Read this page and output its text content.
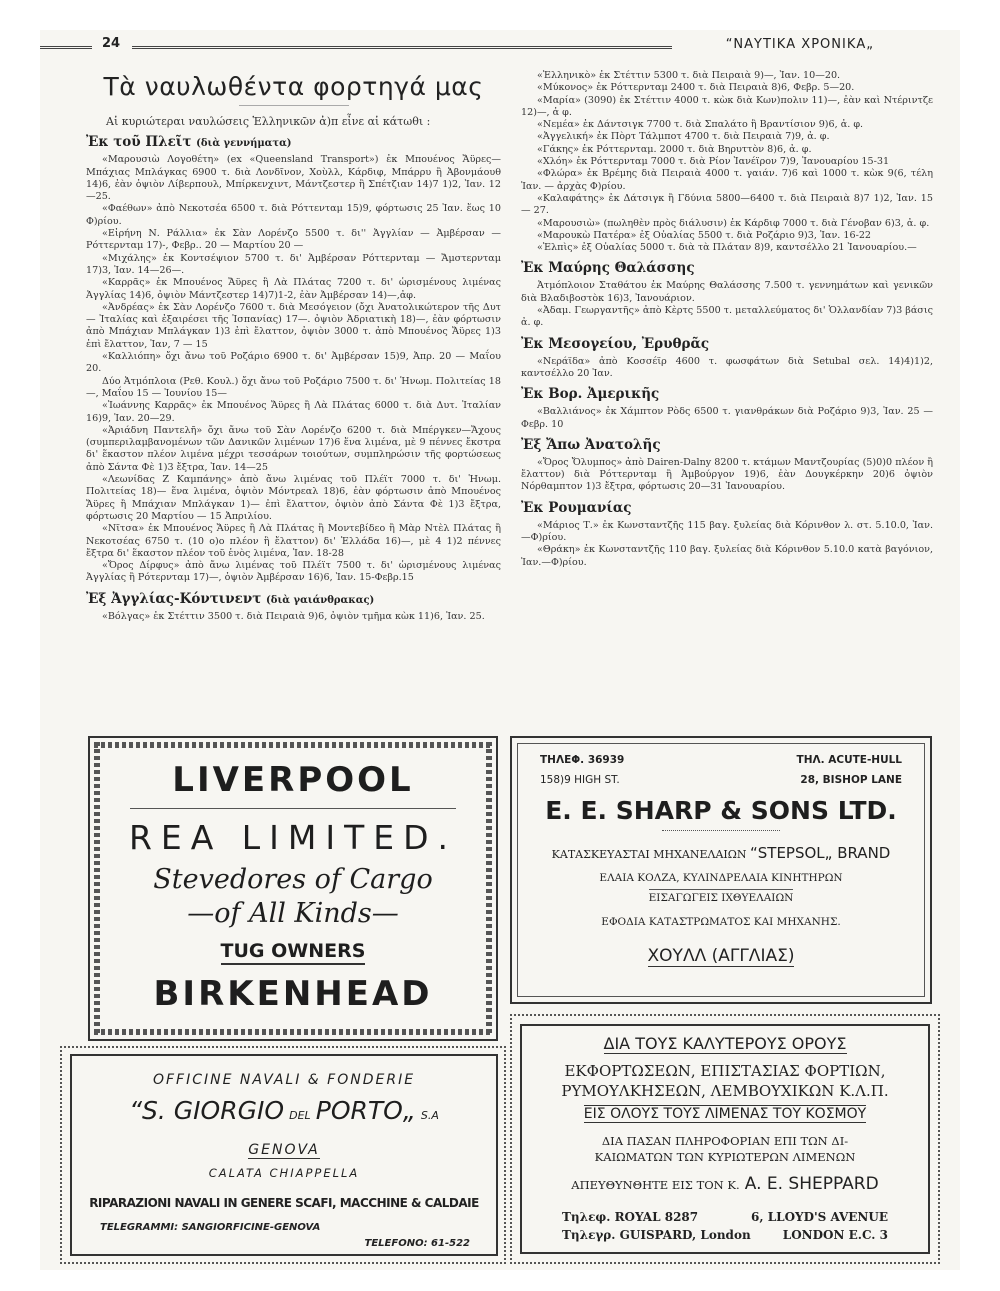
24	“ΝΑΥΤΙΚΑ ΧΡΟΝΙΚΑ„
Τὰ ναυλωθέντα φορτηγά μας

Αἱ κυριώτεραι ναυλώσεις Ἑλληνικῶν ἀ)π εἶνε αἱ κάτωθι :

Ἐκ τοῦ Πλεῖτ (διὰ γεννήματα)

«Μαρουσιὼ Λογοθέτη» (ex «Queensland Transport») ἐκ Μπουένος Ἄϋρες—Μπάχιας Μπλάγκας 6900 τ. διὰ Λονδῖνον, Χοὺλλ, Κάρδιφ, Μπάρρυ ἢ Ἀβονμάουθ 14)6, ἐὰν ὀψιὸν Λίβερπουλ, Μπίρκενχιντ, Μάντζεστερ ἢ Σπέτζιαν 14)7 1)2, Ἰαν. 12—25.

«Φαέθων» ἀπὸ Νεκοτσέα 6500 τ. διὰ Ρόττενταμ 15)9, φόρτωσις 25 Ἰαν. ἕως 10 Φ)ρίου.

«Εἰρήνη Ν. Ράλλια» ἐκ Σὰν Λορένζο 5500 τ. δι'' Ἀγγλίαν — Ἀμβέρσαν — Ρόττερνταμ 17)-, Φεβρ.. 20 — Μαρτίου 20 —

«Μιχάλης» ἐκ Κοντσέψιον 5700 τ. δι' Ἀμβέρσαν Ρόττερνταμ — Ἄμστερνταμ 17)3, Ἰαν. 14—26—.

«Καρρᾶς» ἐκ Μπουένος Ἄϋρες ἢ Λὰ Πλάτας 7200 τ. δι' ὡρισμένους λιμένας Ἀγγλίας 14)6, ὀψιὸν Μάντζεστερ 14)7)1-2, ἐὰν Ἀμβέρσαν 14)—,ἀφ.

«Ἀνδρέας» ἐκ Σὰν Λορένζο 7600 τ. διὰ Μεσόγειον (ὄχι Ἀνατολικώτερον τῆς Δυτ — Ἰταλίας καὶ ἐξαιρέσει τῆς Ἰσπανίας) 17—. ὀψιὸν Ἀδριατικὴ 18)—, ἐὰν φόρτωσιν ἀπὸ Μπάχιαν Μπλάγκαν 1)3 ἐπὶ ἔλαττον, ὀψιὸν 3000 τ. ἀπὸ Μπουένος Ἄϋρες 1)3 ἐπὶ ἔλαττον, Ἰαν, 7 — 15

«Καλλιόπη» ὄχι ἄνω τοῦ Ροζάριο 6900 τ. δι' Ἀμβέρσαν 15)9, Ἀπρ. 20 — Μαΐου 20.

Δύο Ἀτμόπλοια (Ρεθ. Κουλ.) ὄχι ἄνω τοῦ Ροζάριο 7500 τ. δι' Ἡνωμ. Πολιτείας 18—, Μαΐου 15 — Ἰουνίου 15—

«Ἰωάννης Καρρᾶς» ἐκ Μπουένος Ἄϋρες ἢ Λὰ Πλάτας 6000 τ. διὰ Δυτ. Ἰταλίαν 16)9, Ἰαν. 20—29.

«Ἀριάδνη Παντελῆ» ὄχι ἄνω τοῦ Σὰν Λορένζο 6200 τ. διὰ Μπέργκεν—Ἄχους (συμπεριλαμβανομένων τῶν Δανικῶν λιμένων 17)6 ἕνα λιμένα, μὲ 9 πέννες ἔκστρα δι' ἕκαστον πλέον λιμένα μέχρι τεσσάρων τοιούτων, συμπληρώσιν τῆς φορτώσεως ἀπὸ Σάντα Φὲ 1)3 ἔξτρα, Ἰαν. 14—25

«Λεωνίδας Ζ Καμπάνης» ἀπὸ ἄνω λιμένας τοῦ Πλέϊτ 7000 τ. δι' Ἡνωμ. Πολιτείας 18)— ἕνα λιμένα, ὀψιὸν Μόντρεαλ 18)6, ἐὰν φόρτωσιν ἀπὸ Μπουένος Ἄϋρες ἢ Μπάχιαν Μπλάγκαν 1)— ἐπὶ ἔλαττον, ὀψιὸν ἀπὸ Σάντα Φὲ 1)3 ἔξτρα, φόρτωσις 20 Μαρτίου — 15 Ἀπριλίου.

«Νῖτσα» ἐκ Μπουένος Ἄϋρες ἢ Λὰ Πλάτας ἢ Μοντεβίδεο ἢ Μὰρ Ντὲλ Πλάτας ἢ Νεκοτσέας 6750 τ. (10 ο)ο πλέον ἢ ἔλαττον) δι' Ἑλλάδα 16)—, μὲ 4 1)2 πέννες ἔξτρα δι' ἕκαστον πλέον τοῦ ἑνὸς λιμένα, Ἰαν. 18-28

«Ὄρος Δίρφυς» ἀπὸ ἄνω λιμένας τοῦ Πλέϊτ 7500 τ. δι' ὡρισμένους λιμένας Ἀγγλίας ἢ Ρότερνταμ 17)—, ὀψιὸν Ἀμβέρσαν 16)6, Ἰαν. 15-Φεβρ.15

Ἐξ Ἀγγλίας-Κόντινεντ (διὰ γαιάνθρακας)

«Βόλγας» ἐκ Στέττιν 3500 τ. διὰ Πειραιὰ 9)6, ὀψιὸν τμῆμα κὼκ 11)6, Ἰαν. 25.

«Ἑλληνικὸ» ἐκ Στέττιν 5300 τ. διὰ Πειραιὰ 9)—, Ἰαν. 10—20.

«Μύκονος» ἐκ Ρόττερνταμ 2400 τ. διὰ Πειραιὰ 8)6, Φεβρ. 5—20.

«Μαρία» (3090) ἐκ Στέττιν 4000 τ. κὼκ διὰ Κων)πολιν 11)—, ἐὰν καὶ Ντέριντζε 12)—, ἀ φ.

«Νεμέα» ἐκ Δάντσιγκ 7700 τ. διὰ Σπαλάτο ἢ Βραντίσιον 9)6, ἀ. φ.

«Ἀγγελική» ἐκ Πὸρτ Τάλμποτ 4700 τ. διὰ Πειραιὰ 7)9, ἀ. φ.

«Γάκης» ἐκ Ρόττερνταμ. 2000 τ. διὰ Βηρυττὸν 8)6, ἀ. φ.

«Χλόη» ἐκ Ρόττερνταμ 7000 τ. διὰ Ρίον Ἰανέϊρον 7)9, Ἰανουαρίου 15-31

«Φλώρα» ἐκ Βρέμης διὰ Πειραιὰ 4000 τ. γαιάν. 7)6 καὶ 1000 τ. κὼκ 9(6, τέλη Ἰαν. — ἀρχὰς Φ)ρίου.

«Καλαφάτης» ἐκ Δάτσιγκ ἢ Γδύνια 5800—6400 τ. διὰ Πειραιὰ 8)7 1)2, Ἰαν. 15 — 27.

«Μαρουσιὼ» (πωληθὲν πρὸς διάλυσιν) ἐκ Κάρδιφ 7000 τ. διὰ Γένοβαν 6)3, ἀ. φ.

«Μαρουκὼ Πατέρα» ἐξ Οὐαλίας 5500 τ. διὰ Ροζάριο 9)3, Ἰαν. 16-22

«Ἐλπὶς» ἐξ Οὐαλίας 5000 τ. διὰ τὰ Πλάταν 8)9, καντσέλλο 21 Ἰανουαρίου.—

Ἐκ Μαύρης Θαλάσσης

Ἀτμόπλοιον Σταθάτου ἐκ Μαύρης Θαλάσσης 7.500 τ. γεννημάτων καὶ γενικῶν διὰ Βλαδιβοστὸκ 16)3, Ἰανουάριον.

«Ἀδαμ. Γεωργαντῆς» ἀπὸ Κὲρτς 5500 τ. μεταλλεύματος δι' Ὁλλανδίαν 7)3 βάσις ἀ. φ.

Ἐκ Μεσογείου, Ἐρυθρᾶς

«Νεράϊδα» ἀπὸ Κοσσέϊρ 4600 τ. φωσφάτων διὰ Setubal σελ. 14)4)1)2, καντσέλλο 20 Ἰαν.

Ἐκ Βορ. Ἀμερικῆς

«Βαλλιάνος» ἐκ Χάμπτον Ρὸδς 6500 τ. γιανθράκων διὰ Ροζάριο 9)3, Ἰαν. 25 — Φεβρ. 10

Ἐξ Ἄπω Ἀνατολῆς

«Ὄρος Ὄλυμπος» ἀπὸ Dairen-Dalny 8200 τ. κτάμων Μαντζουρίας (5)0)0 πλέον ἢ ἔλαττον) διὰ Ρόττερνταμ ἢ Ἀμβούργον 19)6, ἐὰν Δουγκέρκην 20)6 ὀψιὸν Νόρθαμπτον 1)3 ἔξτρα, φόρτωσις 20—31 Ἰανουαρίου.

Ἐκ Ρουμανίας

«Μάριος Τ.» ἐκ Κωνσταντζῆς 115 βαγ. ξυλείας διὰ Κόρινθον λ. στ. 5.10.0, Ἰαν.—Φ)ρίου.

«Θράκη» ἐκ Κωνσταντζῆς 110 βαγ. ξυλείας διὰ Κόρινθον 5.10.0 κατὰ βαγόνιον, Ἰαν.—Φ)ρίου.

LIVERPOOL
REA LIMITED.
Stevedores of Cargo
—of All Kinds—
TUG OWNERS
BIRKENHEAD
ΤΗΛΕΦ. 36939
158)9 HIGH ST.
ΤΗΛ. ACUTE-HULL
28, BISHOP LANE
E. E. SHARP & SONS LTD.
ΚΑΤΑΣΚΕΥΑΣΤΑΙ ΜΗΧΑΝΕΛΑΙΩΝ “STEPSOL„ BRAND
ΕΛΑΙΑ ΚΟΛΖΑ, ΚΥΛΙΝΔΡΕΛΑΙΑ ΚΙΝΗΤΗΡΩΝ
ΕΙΣΑΓΩΓΕΙΣ ΙΧΘΥΕΛΑΙΩΝ
ΕΦΟΔΙΑ ΚΑΤΑΣΤΡΩΜΑΤΟΣ ΚΑΙ ΜΗΧΑΝΗΣ.
ΧΟΥΛΛ (ΑΓΓΛΙΑΣ)
OFFICINE NAVALI & FONDERIE
“S. GIORGIO DEL PORTO„ S.A
GENOVA
CALATA CHIAPPELLA
RIPARAZIONI NAVALI IN GENERE SCAFI, MACCHINE & CALDAIE
TELEGRAMMI: SANGIORFICINE-GENOVA
TELEFONO: 61-522
ΔΙΑ ΤΟΥΣ ΚΑΛΥΤΕΡΟΥΣ ΟΡΟΥΣ
ΕΚΦΟΡΤΩΣΕΩΝ, ΕΠΙΣΤΑΣΙΑΣ ΦΟΡΤΙΩΝ,
ΡΥΜΟΥΛΚΗΣΕΩΝ, ΛΕΜΒΟΥΧΙΚΩΝ Κ.Λ.Π.
ΕΙΣ ΟΛΟΥΣ ΤΟΥΣ ΛΙΜΕΝΑΣ ΤΟΥ ΚΟΣΜΟΥ
ΔΙΑ ΠΑΣΑΝ ΠΛΗΡΟΦΟΡΙΑΝ ΕΠΙ ΤΩΝ ΔΙ-
ΚΑΙΩΜΑΤΩΝ ΤΩΝ ΚΥΡΙΩΤΕΡΩΝ ΛΙΜΕΝΩΝ
ΑΠΕΥΘΥΝΘΗΤΕ ΕΙΣ ΤΟΝ Κ. A. E. SHEPPARD
Τηλεφ. ROYAL 8287
Τηλεγρ. GUISPARD, London
6, LLOYD'S AVENUE
LONDON E.C. 3
